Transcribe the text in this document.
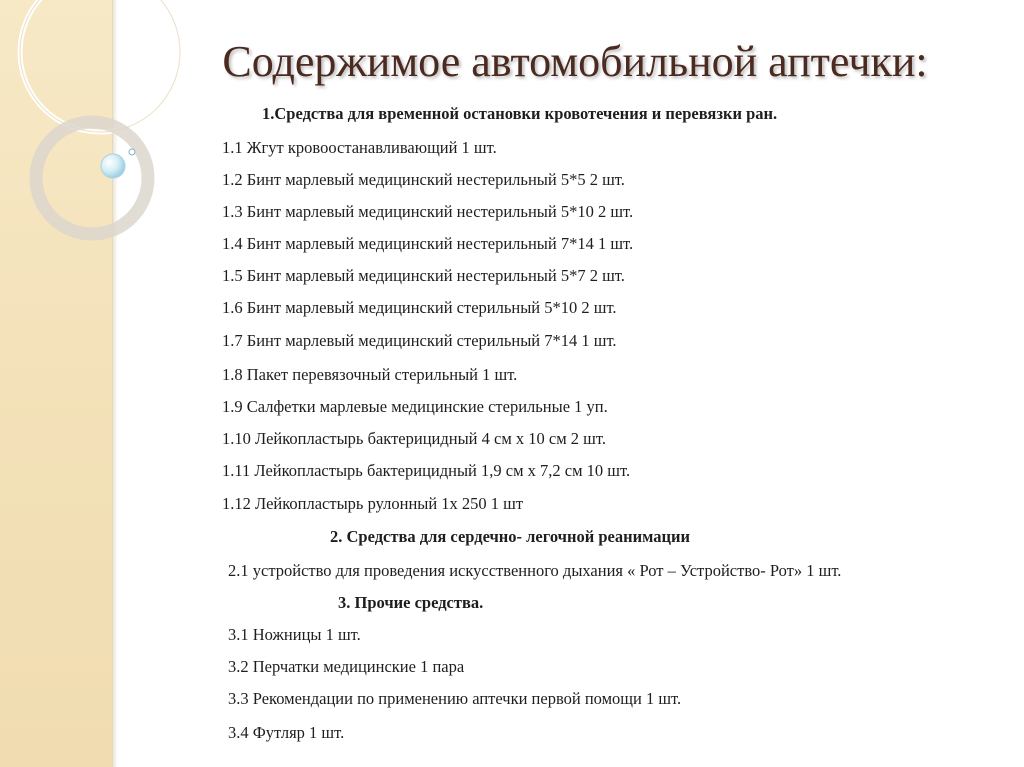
Содержимое автомобильной аптечки:
1.Средства для временной остановки кровотечения и перевязки ран.
1.1 Жгут кровоостанавливающий 1 шт.
1.2 Бинт марлевый медицинский нестерильный 5*5 2 шт.
1.3 Бинт марлевый медицинский нестерильный 5*10 2 шт.
1.4 Бинт марлевый медицинский нестерильный 7*14 1 шт.
1.5 Бинт марлевый медицинский нестерильный 5*7 2 шт.
1.6 Бинт марлевый медицинский стерильный 5*10 2 шт.
1.7 Бинт марлевый медицинский стерильный 7*14 1 шт.
1.8 Пакет перевязочный стерильный 1 шт.
1.9 Салфетки марлевые медицинские стерильные 1 уп.
1.10 Лейкопластырь бактерицидный 4 см х 10 см 2 шт.
1.11 Лейкопластырь бактерицидный 1,9 см х 7,2 см 10 шт.
1.12 Лейкопластырь рулонный 1х 250 1 шт
2. Средства для сердечно- легочной реанимации
2.1 устройство для проведения искусственного дыхания « Рот – Устройство- Рот» 1 шт.
3. Прочие средства.
3.1 Ножницы 1 шт.
3.2 Перчатки медицинские 1 пара
3.3 Рекомендации по применению аптечки первой помощи 1 шт.
3.4 Футляр 1 шт.
